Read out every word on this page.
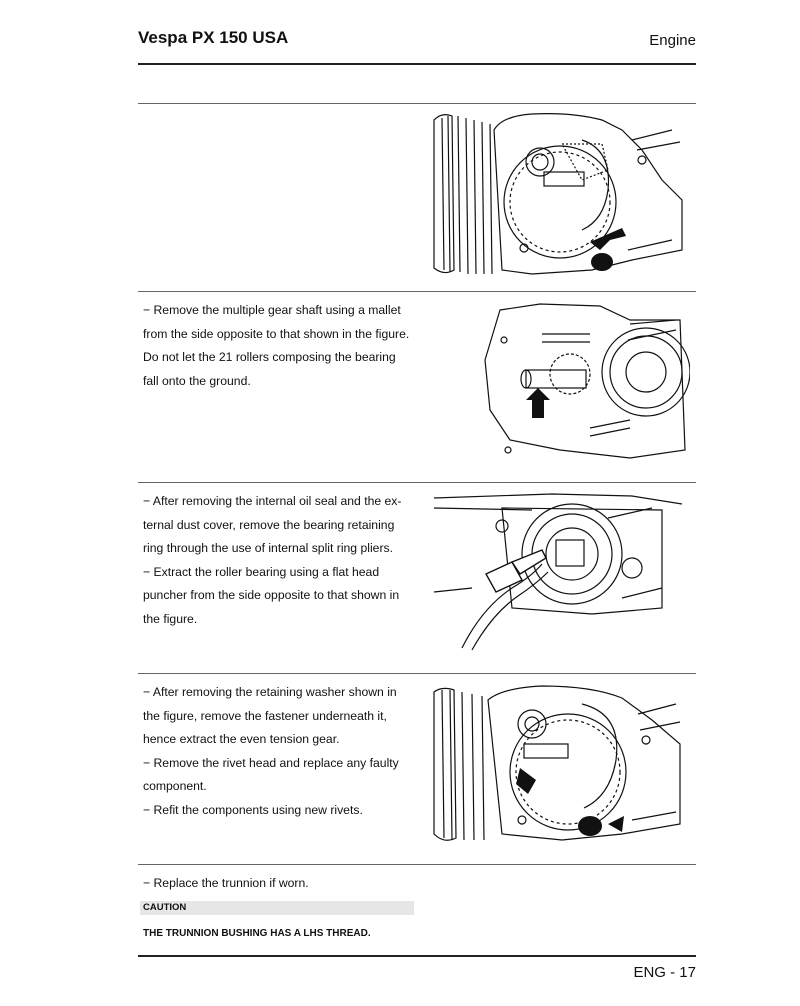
Vespa PX 150 USA	Engine

− Remove the multiple gear shaft using a mallet

from the side opposite to that shown in the figure.

Do not let the 21 rollers composing the bearing

fall onto the ground.

− After removing the internal oil seal and the ex-

ternal dust cover, remove the bearing retaining

ring through the use of internal split ring pliers.

− Extract the roller bearing using a flat head

puncher from the side opposite to that shown in

the figure.

− After removing the retaining washer shown in

the figure, remove the fastener underneath it,

hence extract the even tension gear.

− Remove the rivet head and replace any faulty

component.

− Refit the components using new rivets.

− Replace the trunnion if worn.

CAUTION
THE TRUNNION BUSHING HAS A LHS THREAD.
ENG - 17
